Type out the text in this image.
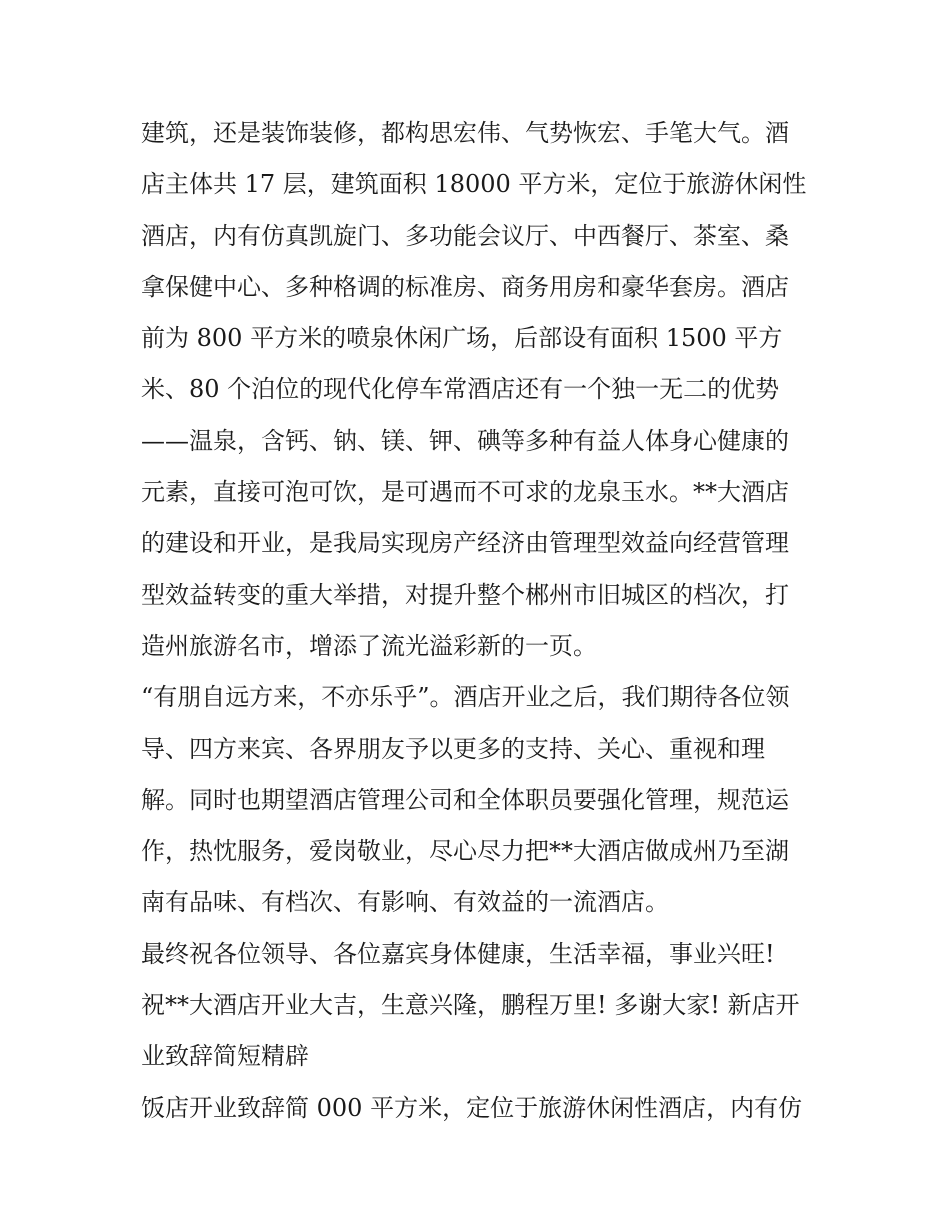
建筑，还是装饰装修，都构思宏伟、气势恢宏、手笔大气。酒
店主体共 17 层，建筑面积 18000 平方米，定位于旅游休闲性
酒店，内有仿真凯旋门、多功能会议厅、中西餐厅、茶室、桑
拿保健中心、多种格调的标准房、商务用房和豪华套房。酒店
前为 800 平方米的喷泉休闲广场，后部设有面积 1500 平方
米、80 个泊位的现代化停车常酒店还有一个独一无二的优势
——温泉，含钙、钠、镁、钾、碘等多种有益人体身心健康的
元素，直接可泡可饮，是可遇而不可求的龙泉玉水。**大酒店
的建设和开业，是我局实现房产经济由管理型效益向经营管理
型效益转变的重大举措，对提升整个郴州市旧城区的档次，打
造州旅游名市，增添了流光溢彩新的一页。
“有朋自远方来，不亦乐乎”。酒店开业之后，我们期待各位领
导、四方来宾、各界朋友予以更多的支持、关心、重视和理
解。同时也期望酒店管理公司和全体职员要强化管理，规范运
作，热忱服务，爱岗敬业，尽心尽力把**大酒店做成州乃至湖
南有品味、有档次、有影响、有效益的一流酒店。
最终祝各位领导、各位嘉宾身体健康，生活幸福，事业兴旺!
祝**大酒店开业大吉，生意兴隆，鹏程万里! 多谢大家! 新店开
业致辞简短精辟
饭店开业致辞简 000 平方米，定位于旅游休闲性酒店，内有仿
